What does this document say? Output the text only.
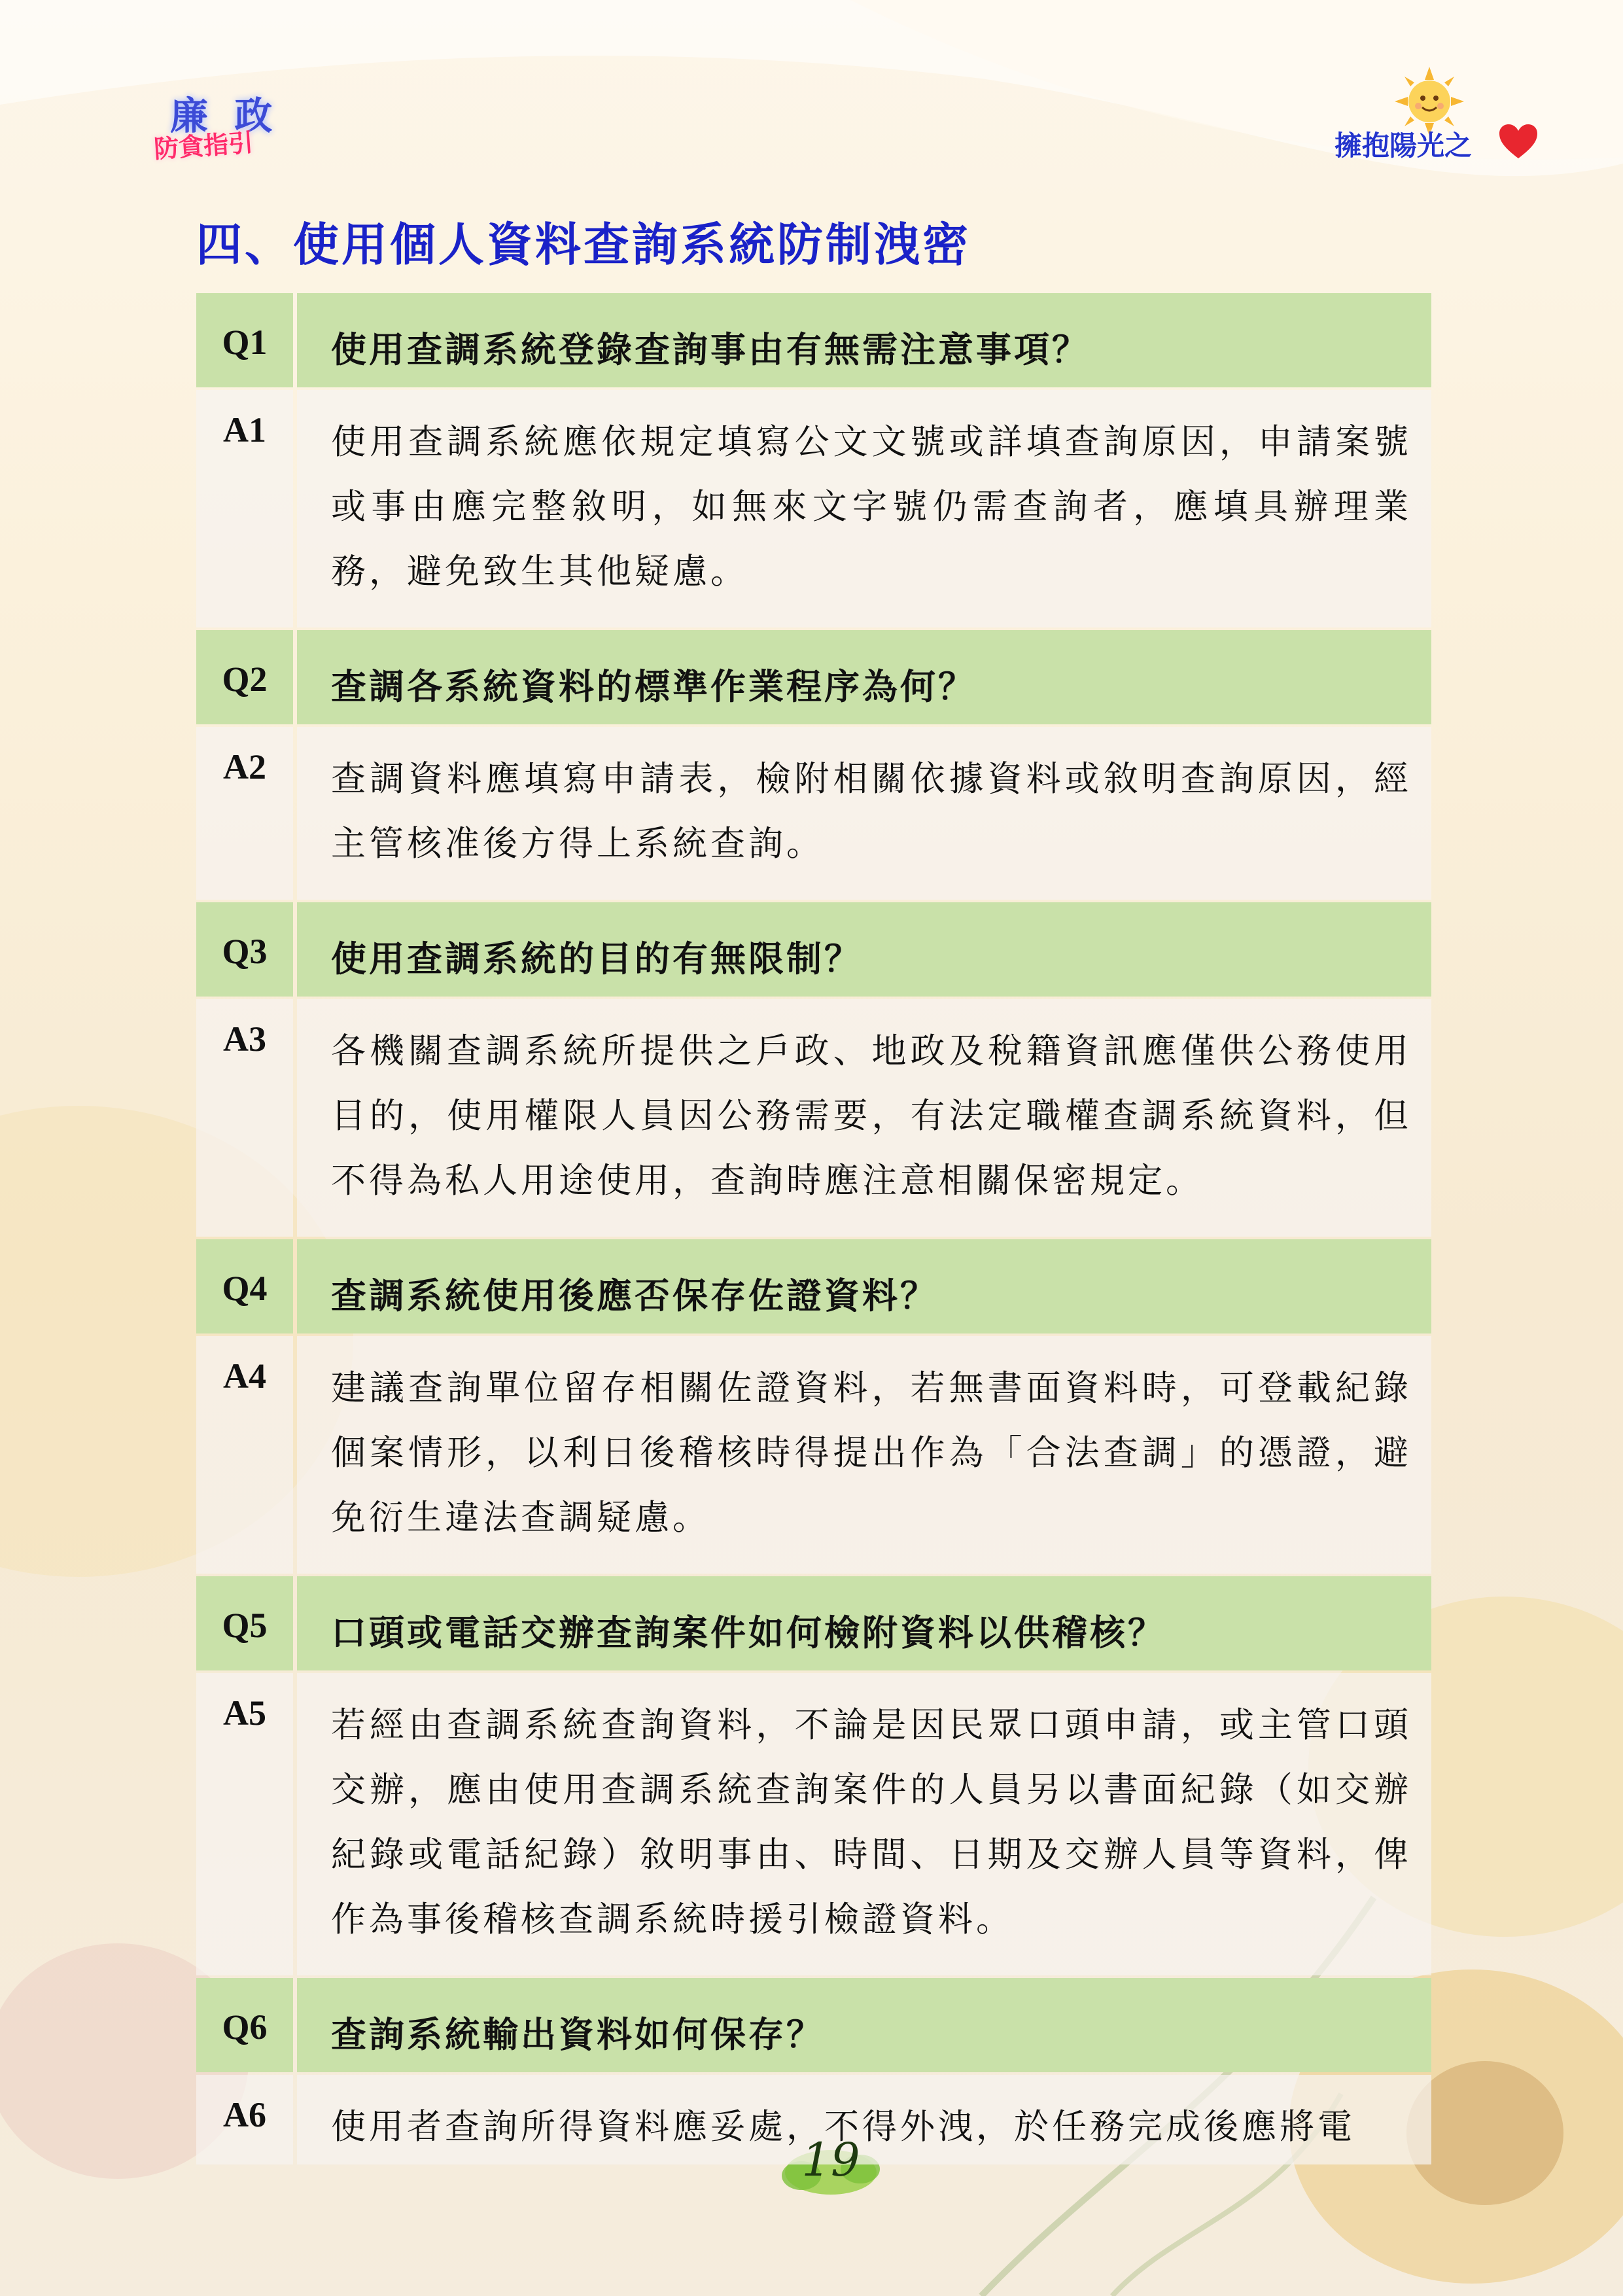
廉 政
防貪指引	擁抱陽光之
四、使用個人資料查詢系統防制洩密
Q1	使用查調系統登錄查詢事由有無需注意事項？
A1	使用查調系統應依規定填寫公文文號或詳填查詢原因，申請案號或事由應完整敘明，如無來文字號仍需查詢者，應填具辦理業務，避免致生其他疑慮。
Q2	查調各系統資料的標準作業程序為何？
A2	查調資料應填寫申請表，檢附相關依據資料或敘明查詢原因，經主管核准後方得上系統查詢。
Q3	使用查調系統的目的有無限制？
A3	各機關查調系統所提供之戶政、地政及稅籍資訊應僅供公務使用目的，使用權限人員因公務需要，有法定職權查調系統資料，但不得為私人用途使用，查詢時應注意相關保密規定。
Q4	查調系統使用後應否保存佐證資料？
A4	建議查詢單位留存相關佐證資料，若無書面資料時，可登載紀錄個案情形，以利日後稽核時得提出作為「合法查調」的憑證，避免衍生違法查調疑慮。
Q5	口頭或電話交辦查詢案件如何檢附資料以供稽核？
A5	若經由查調系統查詢資料，不論是因民眾口頭申請，或主管口頭交辦，應由使用查調系統查詢案件的人員另以書面紀錄（如交辦紀錄或電話紀錄）敘明事由、時間、日期及交辦人員等資料，俾作為事後稽核查調系統時援引檢證資料。
Q6	查詢系統輸出資料如何保存？
A6	使用者查詢所得資料應妥處，不得外洩，於任務完成後應將電
19
